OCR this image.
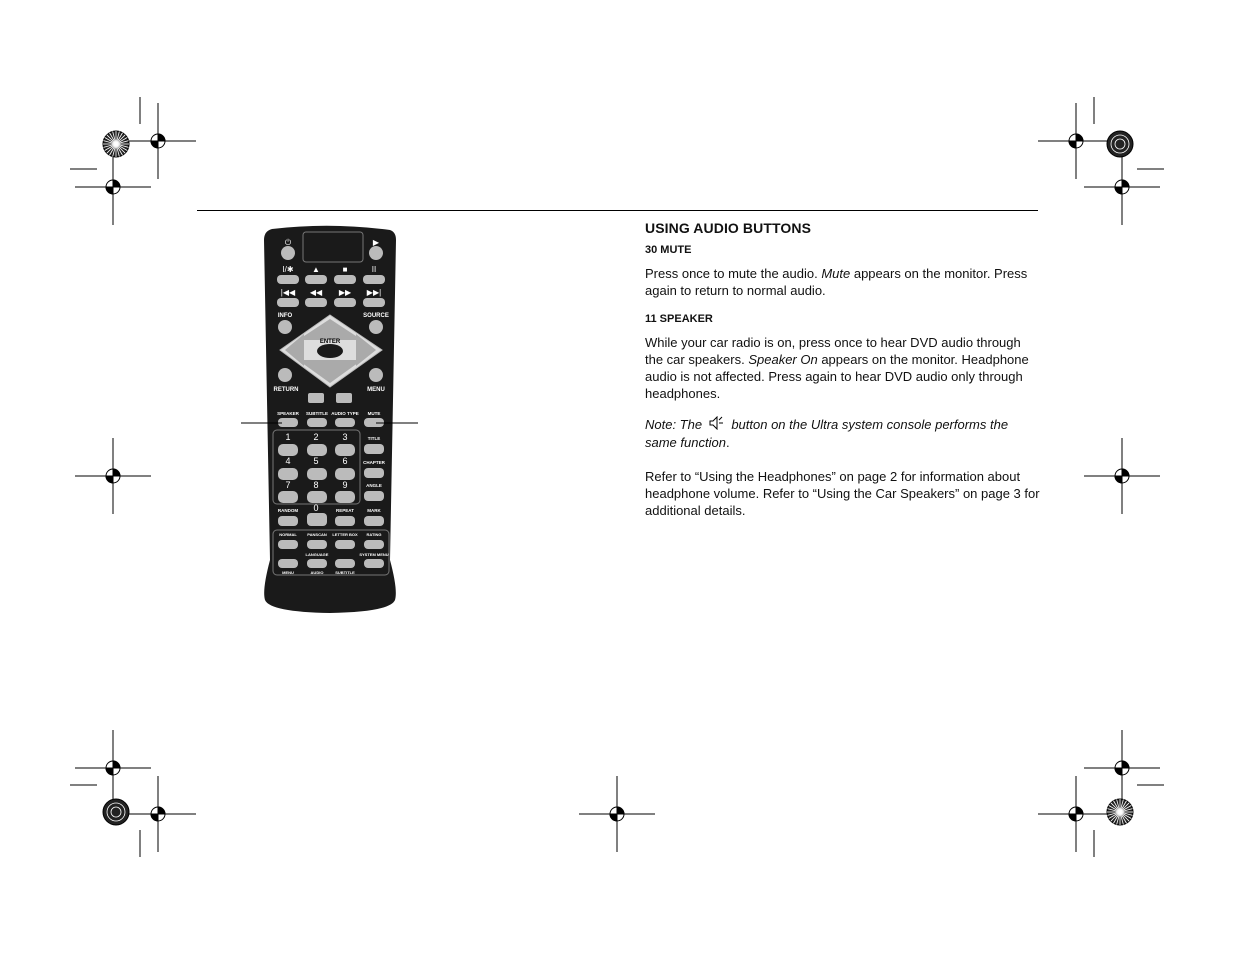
⏻	▶
I/✱ ▲	■	II
|◀◀ ◀◀ ▶▶ ▶▶|
INFO	SOURCE
ENTER
RETURN	MENU
SPEAKER SUBTITLE AUDIO TYPE MUTE
1	2	3
4	5	6
7	8	9
0
TITLE
CHAPTER
ANGLE
MARK
RANDOM	REPEAT
NORMAL	PANSCAN LETTER BOX RATING
LANGUAGE	SYSTEM MENU
MENU	AUDIO	SUBTITLE
USING AUDIO BUTTONS
30 MUTE

Press once to mute the audio. Mute appears on the monitor. Press again to return to normal audio.

11 SPEAKER

While your car radio is on, press once to hear DVD audio through the car speakers. Speaker On appears on the monitor. Headphone audio is not affected. Press again to hear DVD audio only through headphones.

Note: The  button on the Ultra system console performs the same function.

Refer to “Using the Headphones” on page 2 for information about headphone volume. Refer to “Using the Car Speakers” on page 3 for additional details.
